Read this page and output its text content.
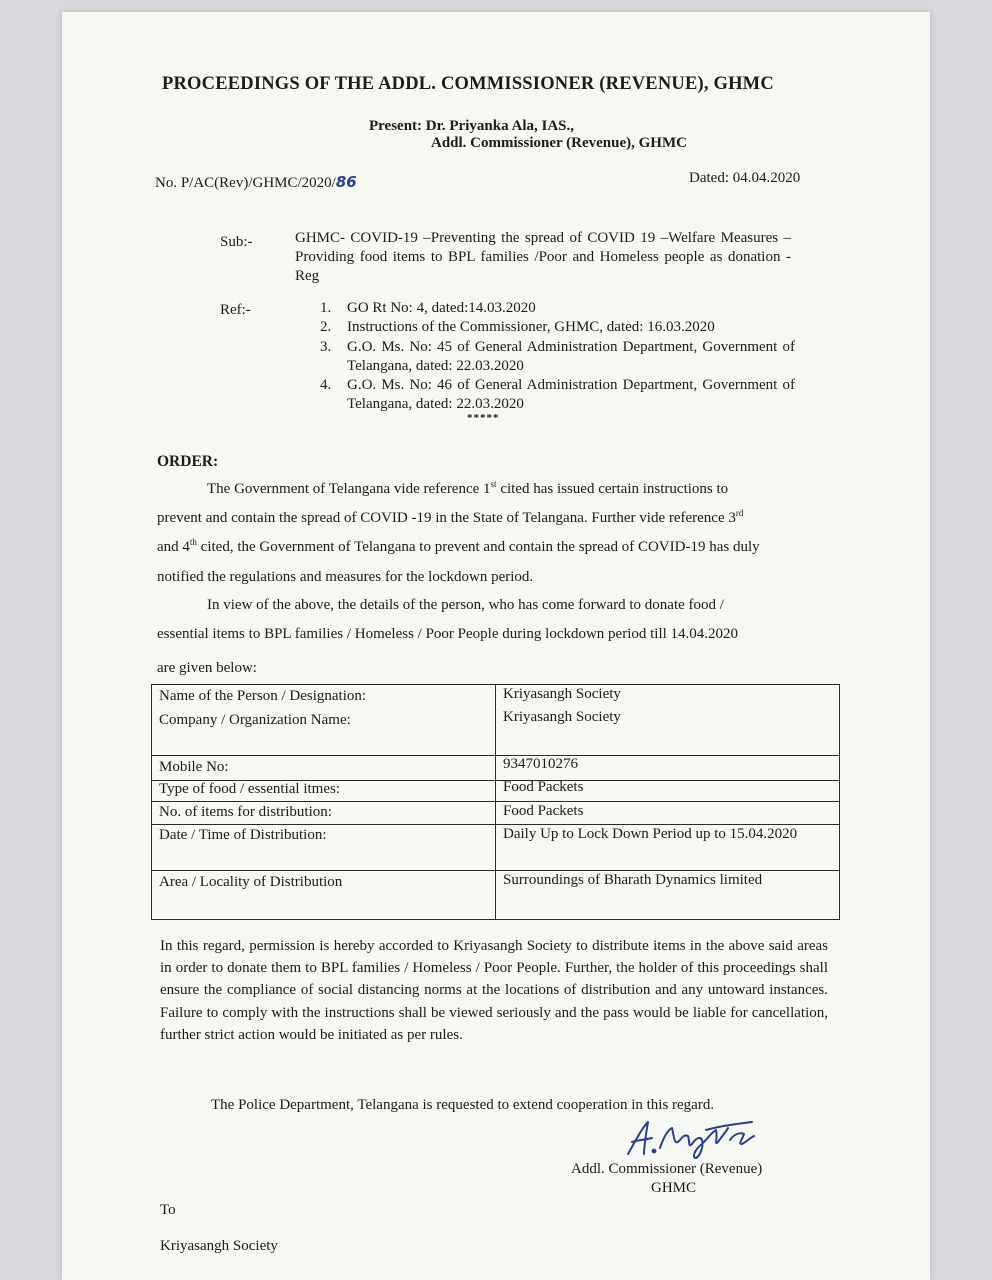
PROCEEDINGS OF THE ADDL. COMMISSIONER (REVENUE), GHMC
Present: Dr. Priyanka Ala, IAS.,
Addl. Commissioner (Revenue), GHMC
No. P/AC(Rev)/GHMC/2020/86	Dated: 04.04.2020
Sub:-	GHMC- COVID-19 –Preventing the spread of COVID 19 –Welfare Measures – Providing food items to BPL families /Poor and Homeless people as donation - Reg
Ref:-	1.	GO Rt No: 4, dated:14.03.2020
2.	Instructions of the Commissioner, GHMC, dated: 16.03.2020
3.	G.O. Ms. No: 45 of General Administration Department, Government of Telangana, dated: 22.03.2020
4.	G.O. Ms. No: 46 of General Administration Department, Government of Telangana, dated: 22.03.2020
*****
ORDER:
The Government of Telangana vide reference 1st cited has issued certain instructions to
prevent and contain the spread of COVID -19 in the State of Telangana. Further vide reference 3rd
and 4th cited, the Government of Telangana to prevent and contain the spread of COVID-19 has duly
notified the regulations and measures for the lockdown period.
In view of the above, the details of the person, who has come forward to donate food /
essential items to BPL families / Homeless / Poor People during lockdown period till 14.04.2020
are given below:
Name of the Person / Designation:	Kriyasangh Society
Company / Organization Name:	Kriyasangh Society
Mobile No:	9347010276
Type of food / essential itmes:	Food Packets
No. of items for distribution:	Food Packets
Date / Time of Distribution:	Daily Up to Lock Down Period up to 15.04.2020
Area / Locality of Distribution	Surroundings of Bharath Dynamics limited
In this regard, permission is hereby accorded to Kriyasangh Society to distribute items in the above said areas in order to donate them to BPL families / Homeless / Poor People. Further, the holder of this proceedings shall ensure the compliance of social distancing norms at the locations of distribution and any untoward instances. Failure to comply with the instructions shall be viewed seriously and the pass would be liable for cancellation, further strict action would be initiated as per rules.
The Police Department, Telangana is requested to extend cooperation in this regard.
Addl. Commissioner (Revenue)
GHMC
To
Kriyasangh Society
